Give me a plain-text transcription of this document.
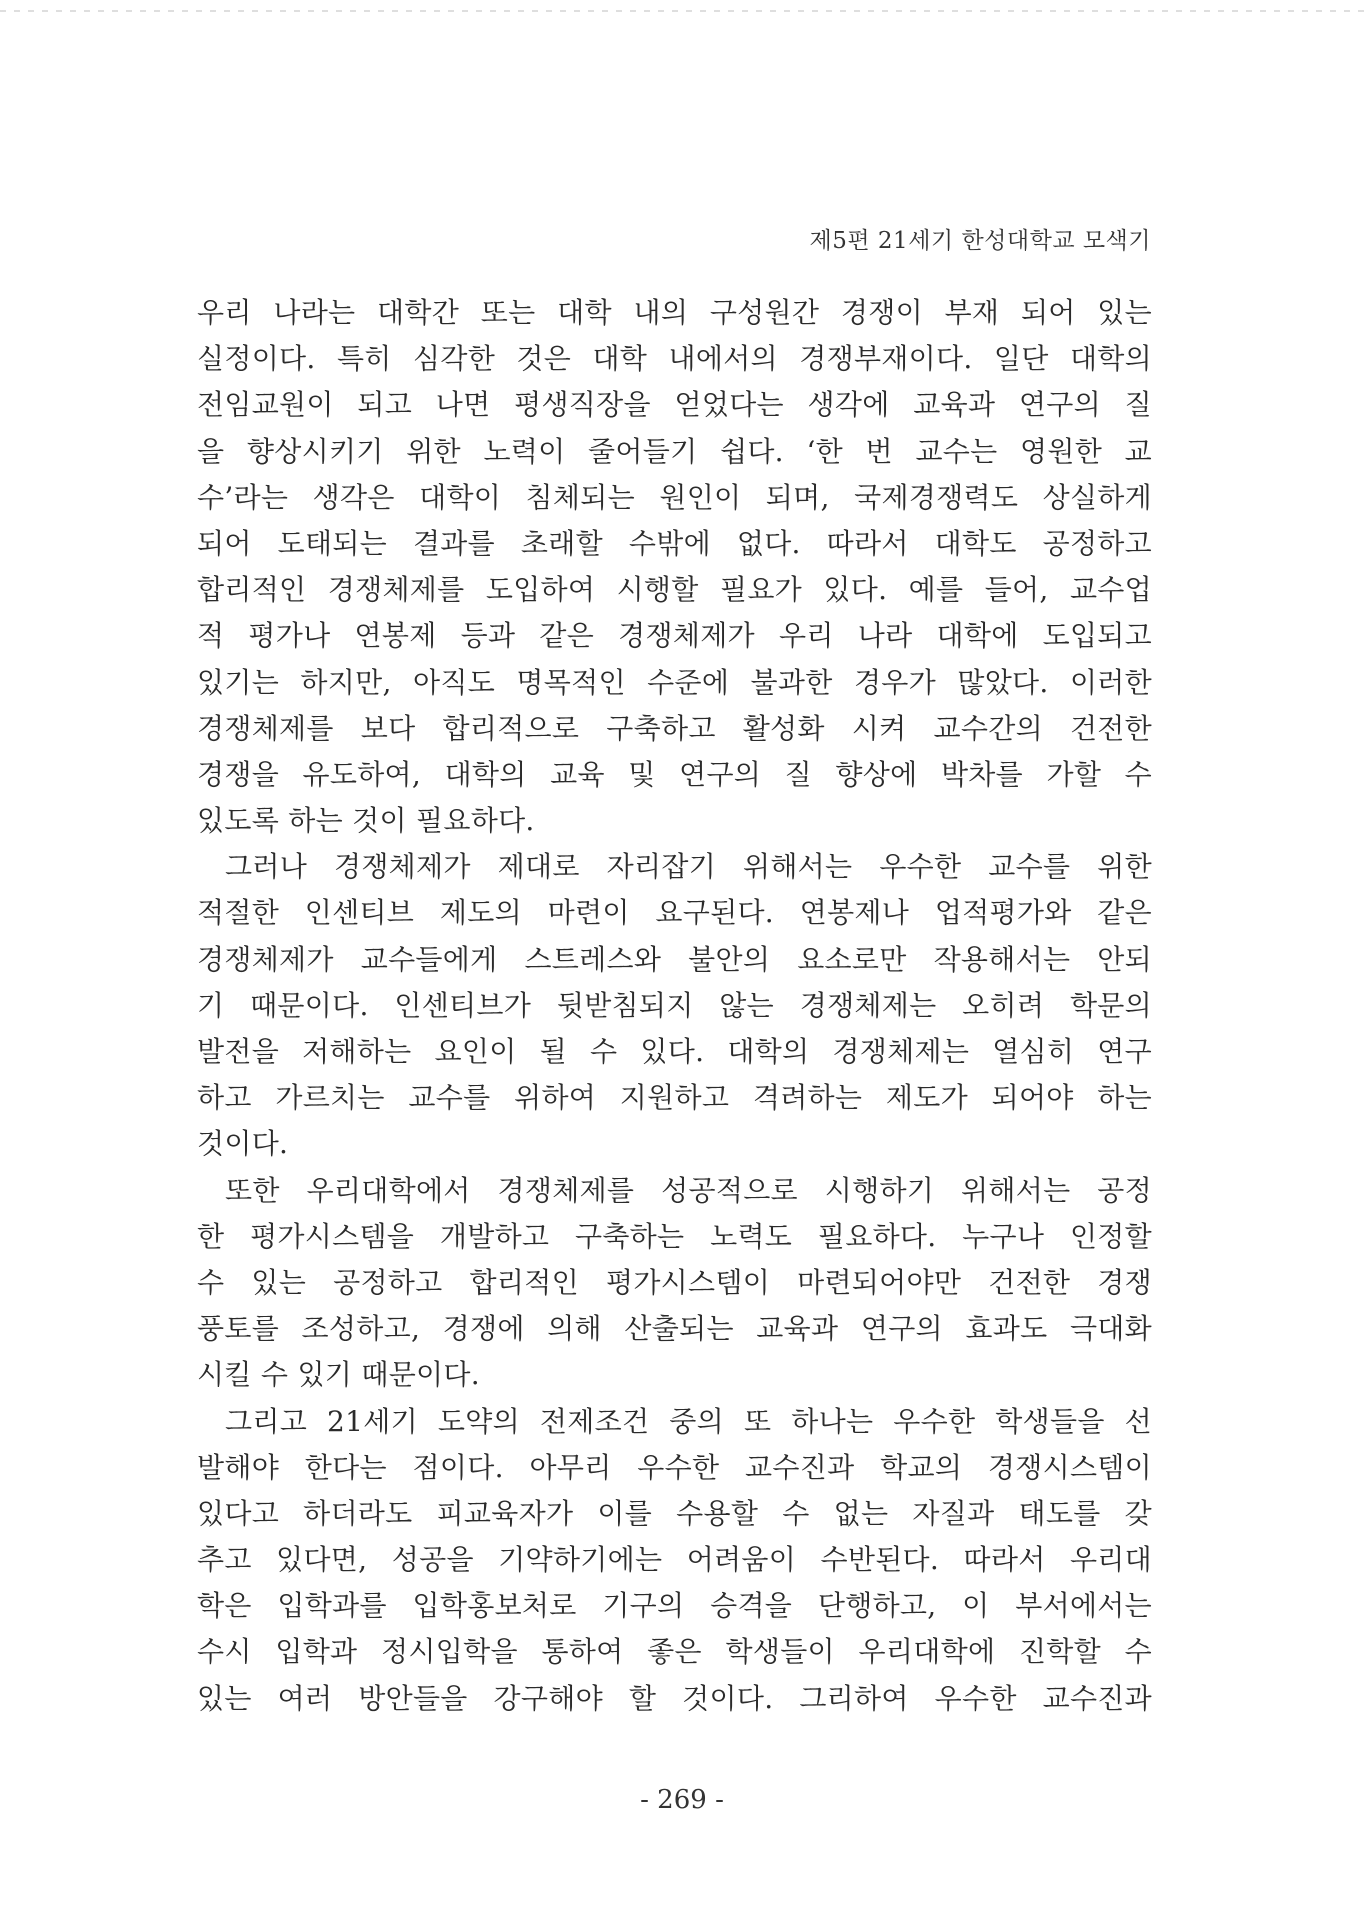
제5편 21세기 한성대학교 모색기
우리 나라는 대학간 또는 대학 내의 구성원간 경쟁이 부재 되어 있는
실정이다. 특히 심각한 것은 대학 내에서의 경쟁부재이다. 일단 대학의
전임교원이 되고 나면 평생직장을 얻었다는 생각에 교육과 연구의 질
을 향상시키기 위한 노력이 줄어들기 쉽다. ‘한 번 교수는 영원한 교
수’라는 생각은 대학이 침체되는 원인이 되며, 국제경쟁력도 상실하게
되어 도태되는 결과를 초래할 수밖에 없다. 따라서 대학도 공정하고
합리적인 경쟁체제를 도입하여 시행할 필요가 있다. 예를 들어, 교수업
적 평가나 연봉제 등과 같은 경쟁체제가 우리 나라 대학에 도입되고
있기는 하지만, 아직도 명목적인 수준에 불과한 경우가 많았다. 이러한
경쟁체제를 보다 합리적으로 구축하고 활성화 시켜 교수간의 건전한
경쟁을 유도하여, 대학의 교육 및 연구의 질 향상에 박차를 가할 수
있도록 하는 것이 필요하다.
그러나 경쟁체제가 제대로 자리잡기 위해서는 우수한 교수를 위한
적절한 인센티브 제도의 마련이 요구된다. 연봉제나 업적평가와 같은
경쟁체제가 교수들에게 스트레스와 불안의 요소로만 작용해서는 안되
기 때문이다. 인센티브가 뒷받침되지 않는 경쟁체제는 오히려 학문의
발전을 저해하는 요인이 될 수 있다. 대학의 경쟁체제는 열심히 연구
하고 가르치는 교수를 위하여 지원하고 격려하는 제도가 되어야 하는
것이다.
또한 우리대학에서 경쟁체제를 성공적으로 시행하기 위해서는 공정
한 평가시스템을 개발하고 구축하는 노력도 필요하다. 누구나 인정할
수 있는 공정하고 합리적인 평가시스템이 마련되어야만 건전한 경쟁
풍토를 조성하고, 경쟁에 의해 산출되는 교육과 연구의 효과도 극대화
시킬 수 있기 때문이다.
그리고 21세기 도약의 전제조건 중의 또 하나는 우수한 학생들을 선
발해야 한다는 점이다. 아무리 우수한 교수진과 학교의 경쟁시스템이
있다고 하더라도 피교육자가 이를 수용할 수 없는 자질과 태도를 갖
추고 있다면, 성공을 기약하기에는 어려움이 수반된다. 따라서 우리대
학은 입학과를 입학홍보처로 기구의 승격을 단행하고, 이 부서에서는
수시 입학과 정시입학을 통하여 좋은 학생들이 우리대학에 진학할 수
있는 여러 방안들을 강구해야 할 것이다. 그리하여 우수한 교수진과
- 269 -
